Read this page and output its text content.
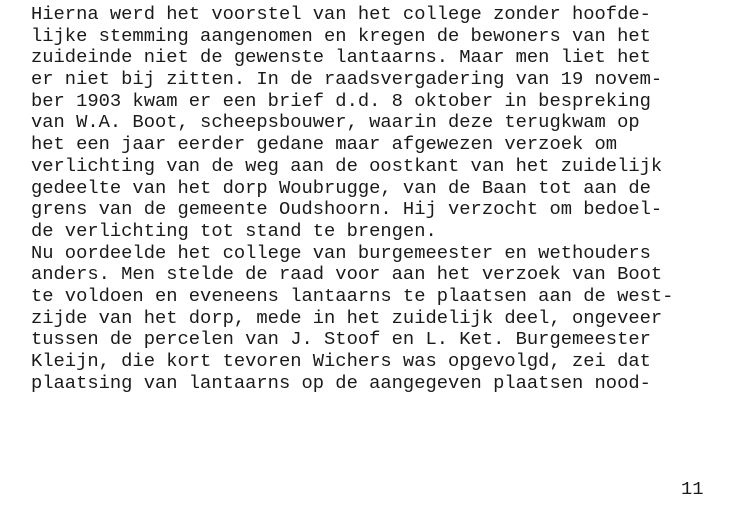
Hierna werd het voorstel van het college zonder hoofde-
lijke stemming aangenomen en kregen de bewoners van het
zuideinde niet de gewenste lantaarns. Maar men liet het
er niet bij zitten. In de raadsvergadering van 19 novem-
ber 1903 kwam er een brief d.d. 8 oktober in bespreking
van W.A. Boot, scheepsbouwer, waarin deze terugkwam op
het een jaar eerder gedane maar afgewezen verzoek om
verlichting van de weg aan de oostkant van het zuidelijk
gedeelte van het dorp Woubrugge, van de Baan tot aan de
grens van de gemeente Oudshoorn. Hij verzocht om bedoel-
de verlichting tot stand te brengen.
Nu oordeelde het college van burgemeester en wethouders
anders. Men stelde de raad voor aan het verzoek van Boot
te voldoen en eveneens lantaarns te plaatsen aan de west-
zijde van het dorp, mede in het zuidelijk deel, ongeveer
tussen de percelen van J. Stoof en L. Ket. Burgemeester
Kleijn, die kort tevoren Wichers was opgevolgd, zei dat
plaatsing van lantaarns op de aangegeven plaatsen nood-
11
